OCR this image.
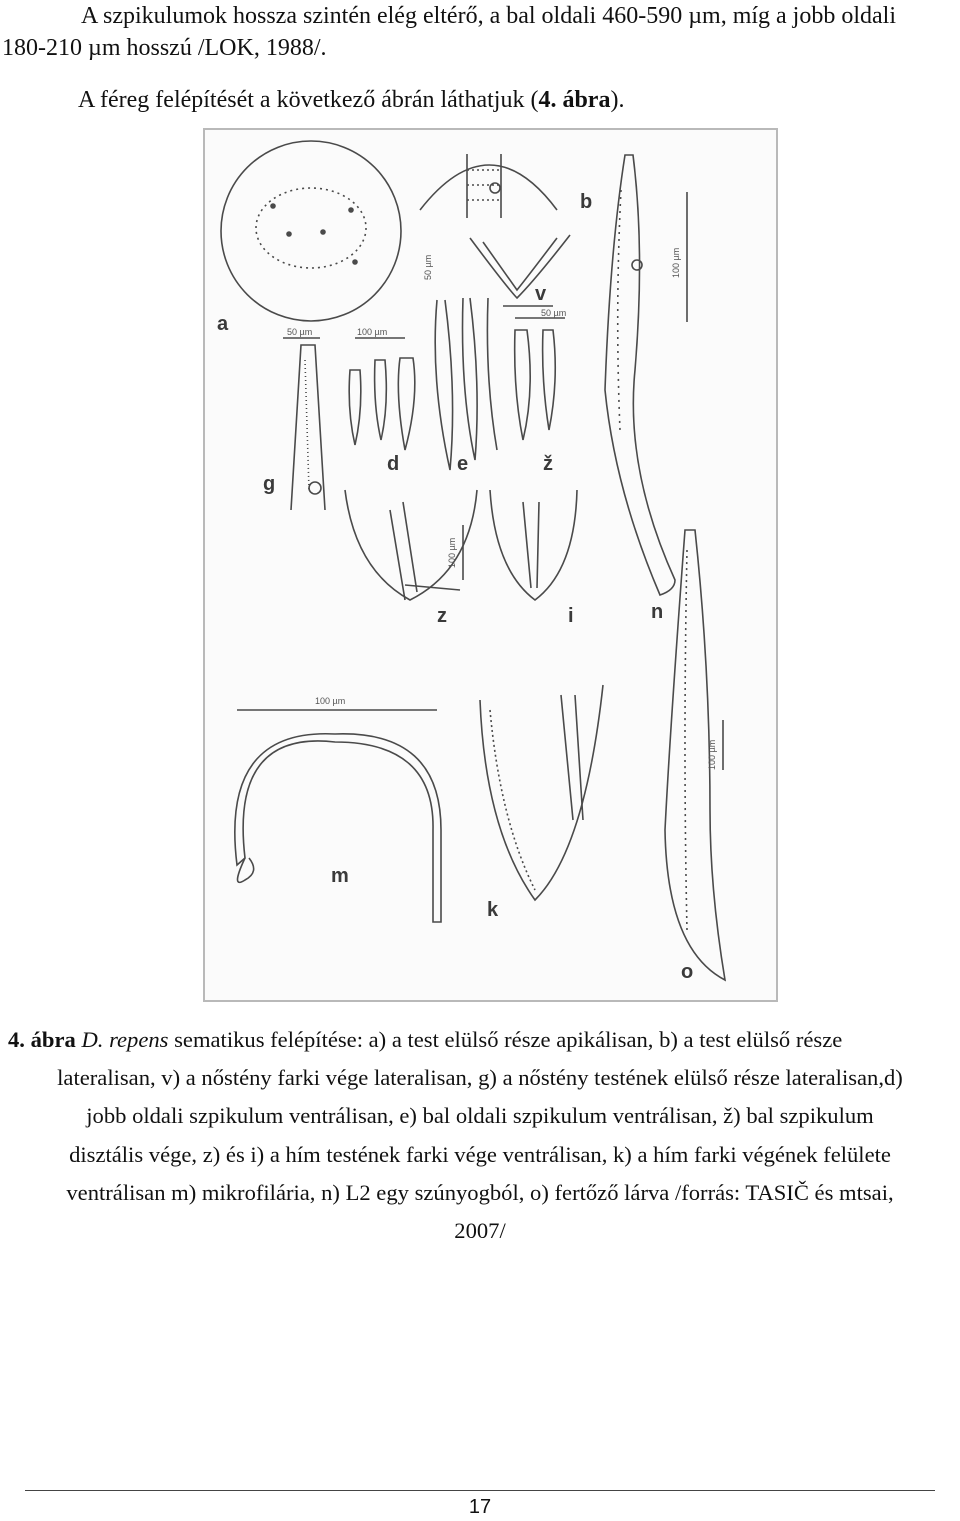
A szpikulumok hossza szintén elég eltérő, a bal oldali 460-590 µm, míg a jobb oldali
180-210 µm hosszú /LOK, 1988/.
A féreg felépítését a következő ábrán láthatjuk (4. ábra).
a
b
v
g
d	e	ž
z	i	n
m
k
o
50 µm	100 µm
50 µm	100 µm
50 µm
100 µm
100 µm
100 µm
4. ábra D. repens sematikus felépítése: a) a test elülső része apikálisan, b) a test elülső része
lateralisan, v) a nőstény farki vége lateralisan, g) a nőstény testének elülső része lateralisan,d)
jobb oldali szpikulum ventrálisan, e) bal oldali szpikulum ventrálisan, ž) bal szpikulum
disztális vége, z) és i) a hím testének farki vége ventrálisan, k) a hím farki végének felülete
ventrálisan m) mikrofilária, n) L2 egy szúnyogból, o) fertőző lárva /forrás: TASIČ és mtsai,
2007/
17
